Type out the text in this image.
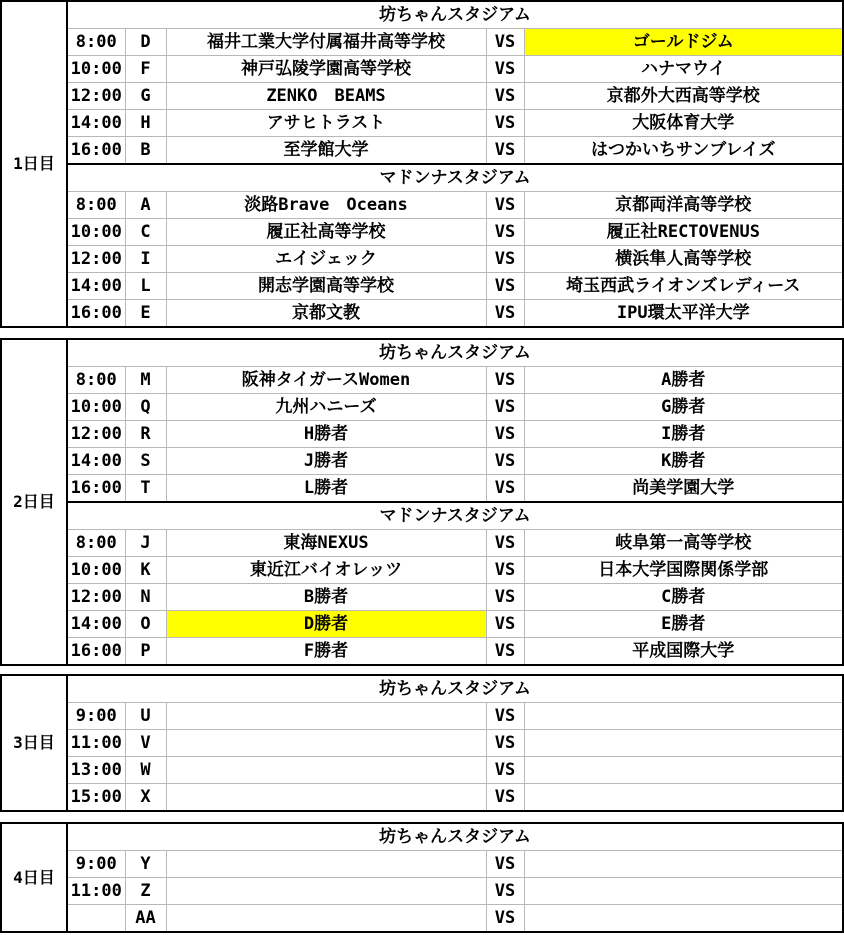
1日目	坊ちゃんスタジアム				
	8:00	D	福井工業大学付属福井高等学校	VS	ゴールドジム
	10:00	F	神戸弘陵学園高等学校	VS	ハナマウイ
	12:00	G	ZENKO　BEAMS	VS	京都外大西高等学校
	14:00	H	アサヒトラスト	VS	大阪体育大学
	16:00	B	至学館大学	VS	はつかいちサンブレイズ
	マドンナスタジアム				
	8:00	A	淡路Brave　Oceans	VS	京都両洋高等学校
	10:00	C	履正社高等学校	VS	履正社RECTOVENUS
	12:00	I	エイジェック	VS	横浜隼人高等学校
	14:00	L	開志学園高等学校	VS	埼玉西武ライオンズレディース
	16:00	E	京都文教	VS	IPU環太平洋大学
2日目	坊ちゃんスタジアム				
	8:00	M	阪神タイガースWomen	VS	A勝者
	10:00	Q	九州ハニーズ	VS	G勝者
	12:00	R	H勝者	VS	I勝者
	14:00	S	J勝者	VS	K勝者
	16:00	T	L勝者	VS	尚美学園大学
	マドンナスタジアム				
	8:00	J	東海NEXUS	VS	岐阜第一高等学校
	10:00	K	東近江バイオレッツ	VS	日本大学国際関係学部
	12:00	N	B勝者	VS	C勝者
	14:00	O	D勝者	VS	E勝者
	16:00	P	F勝者	VS	平成国際大学
3日目	坊ちゃんスタジアム				
	9:00	U		VS	
	11:00	V		VS	
	13:00	W		VS	
	15:00	X		VS	
4日目	坊ちゃんスタジアム				
	9:00	Y		VS	
	11:00	Z		VS	
		AA		VS	
